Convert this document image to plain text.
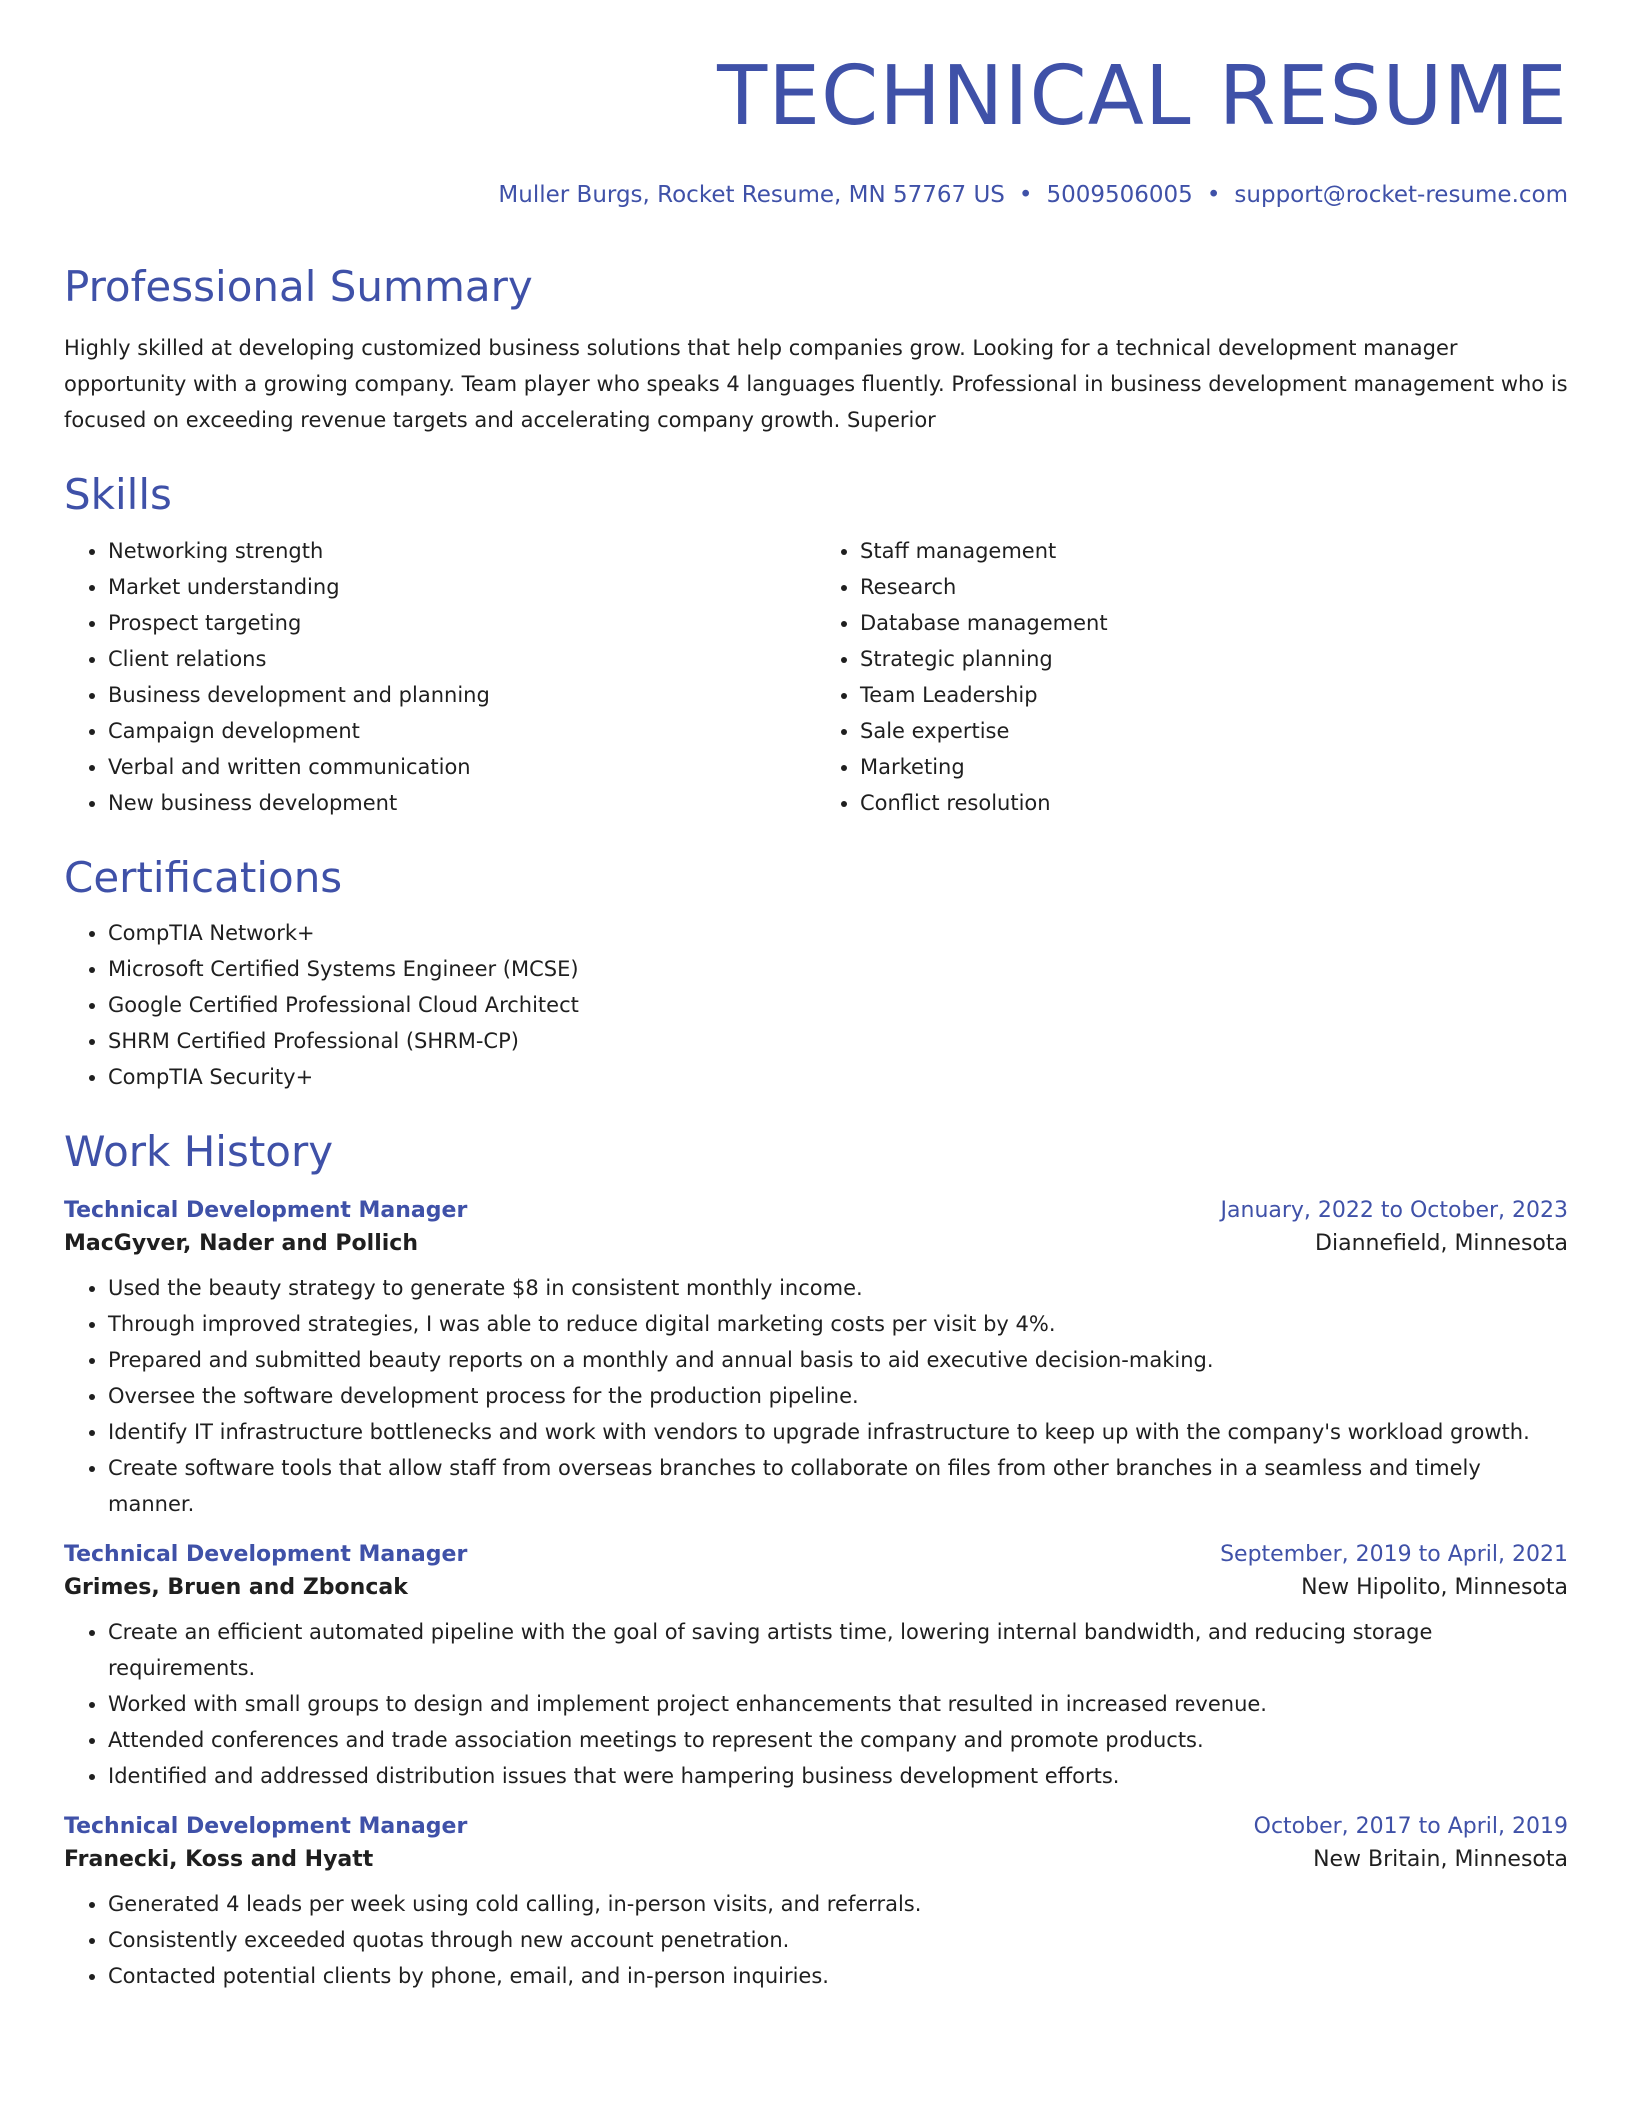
TECHNICAL RESUME
Muller Burgs, Rocket Resume, MN 57767 US • 5009506005 • support@rocket-resume.com
Professional Summary

Highly skilled at developing customized business solutions that help companies grow. Looking for a technical development manager opportunity with a growing company. Team player who speaks 4 languages fluently. Professional in business development management who is focused on exceeding revenue targets and accelerating company growth. Superior

Skills
• Networking strength
• Market understanding
• Prospect targeting
• Client relations
• Business development and planning
• Campaign development
• Verbal and written communication
• New business development
• Staff management
• Research
• Database management
• Strategic planning
• Team Leadership
• Sale expertise
• Marketing
• Conflict resolution
Certifications
• CompTIA Network+
• Microsoft Certified Systems Engineer (MCSE)
• Google Certified Professional Cloud Architect
• SHRM Certified Professional (SHRM-CP)
• CompTIA Security+
Work History
Technical Development Manager	January, 2022 to October, 2023
MacGyver, Nader and Pollich	Diannefield, Minnesota
• Used the beauty strategy to generate $8 in consistent monthly income.
• Through improved strategies, I was able to reduce digital marketing costs per visit by 4%.
• Prepared and submitted beauty reports on a monthly and annual basis to aid executive decision-making.
• Oversee the software development process for the production pipeline.
• Identify IT infrastructure bottlenecks and work with vendors to upgrade infrastructure to keep up with the company's workload growth.
• Create software tools that allow staff from overseas branches to collaborate on files from other branches in a seamless and timely manner.
Technical Development Manager	September, 2019 to April, 2021
Grimes, Bruen and Zboncak	New Hipolito, Minnesota
• Create an efficient automated pipeline with the goal of saving artists time, lowering internal bandwidth, and reducing storage requirements.
• Worked with small groups to design and implement project enhancements that resulted in increased revenue.
• Attended conferences and trade association meetings to represent the company and promote products.
• Identified and addressed distribution issues that were hampering business development efforts.
Technical Development Manager	October, 2017 to April, 2019
Franecki, Koss and Hyatt	New Britain, Minnesota
• Generated 4 leads per week using cold calling, in-person visits, and referrals.
• Consistently exceeded quotas through new account penetration.
• Contacted potential clients by phone, email, and in-person inquiries.
